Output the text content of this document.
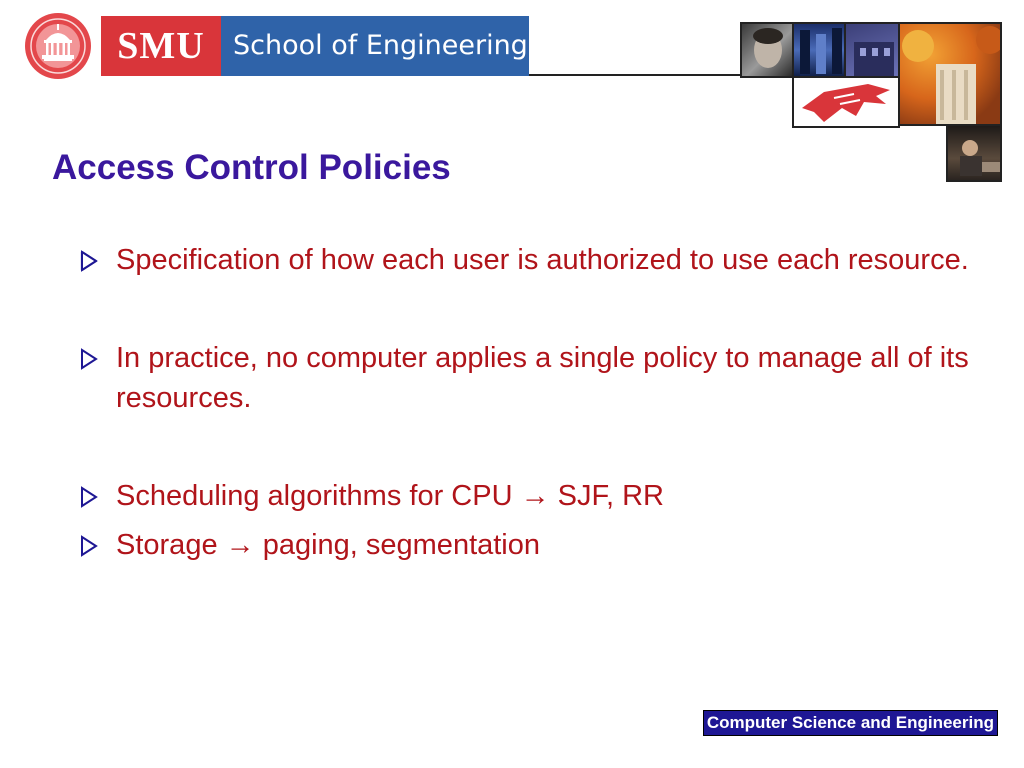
SMU	School of Engineering
Access Control Policies
Specification of how each user is authorized to use each resource.
In practice, no computer applies a single policy to manage all of its resources.
Scheduling algorithms for CPU → SJF, RR
Storage → paging, segmentation
Computer Science and Engineering
